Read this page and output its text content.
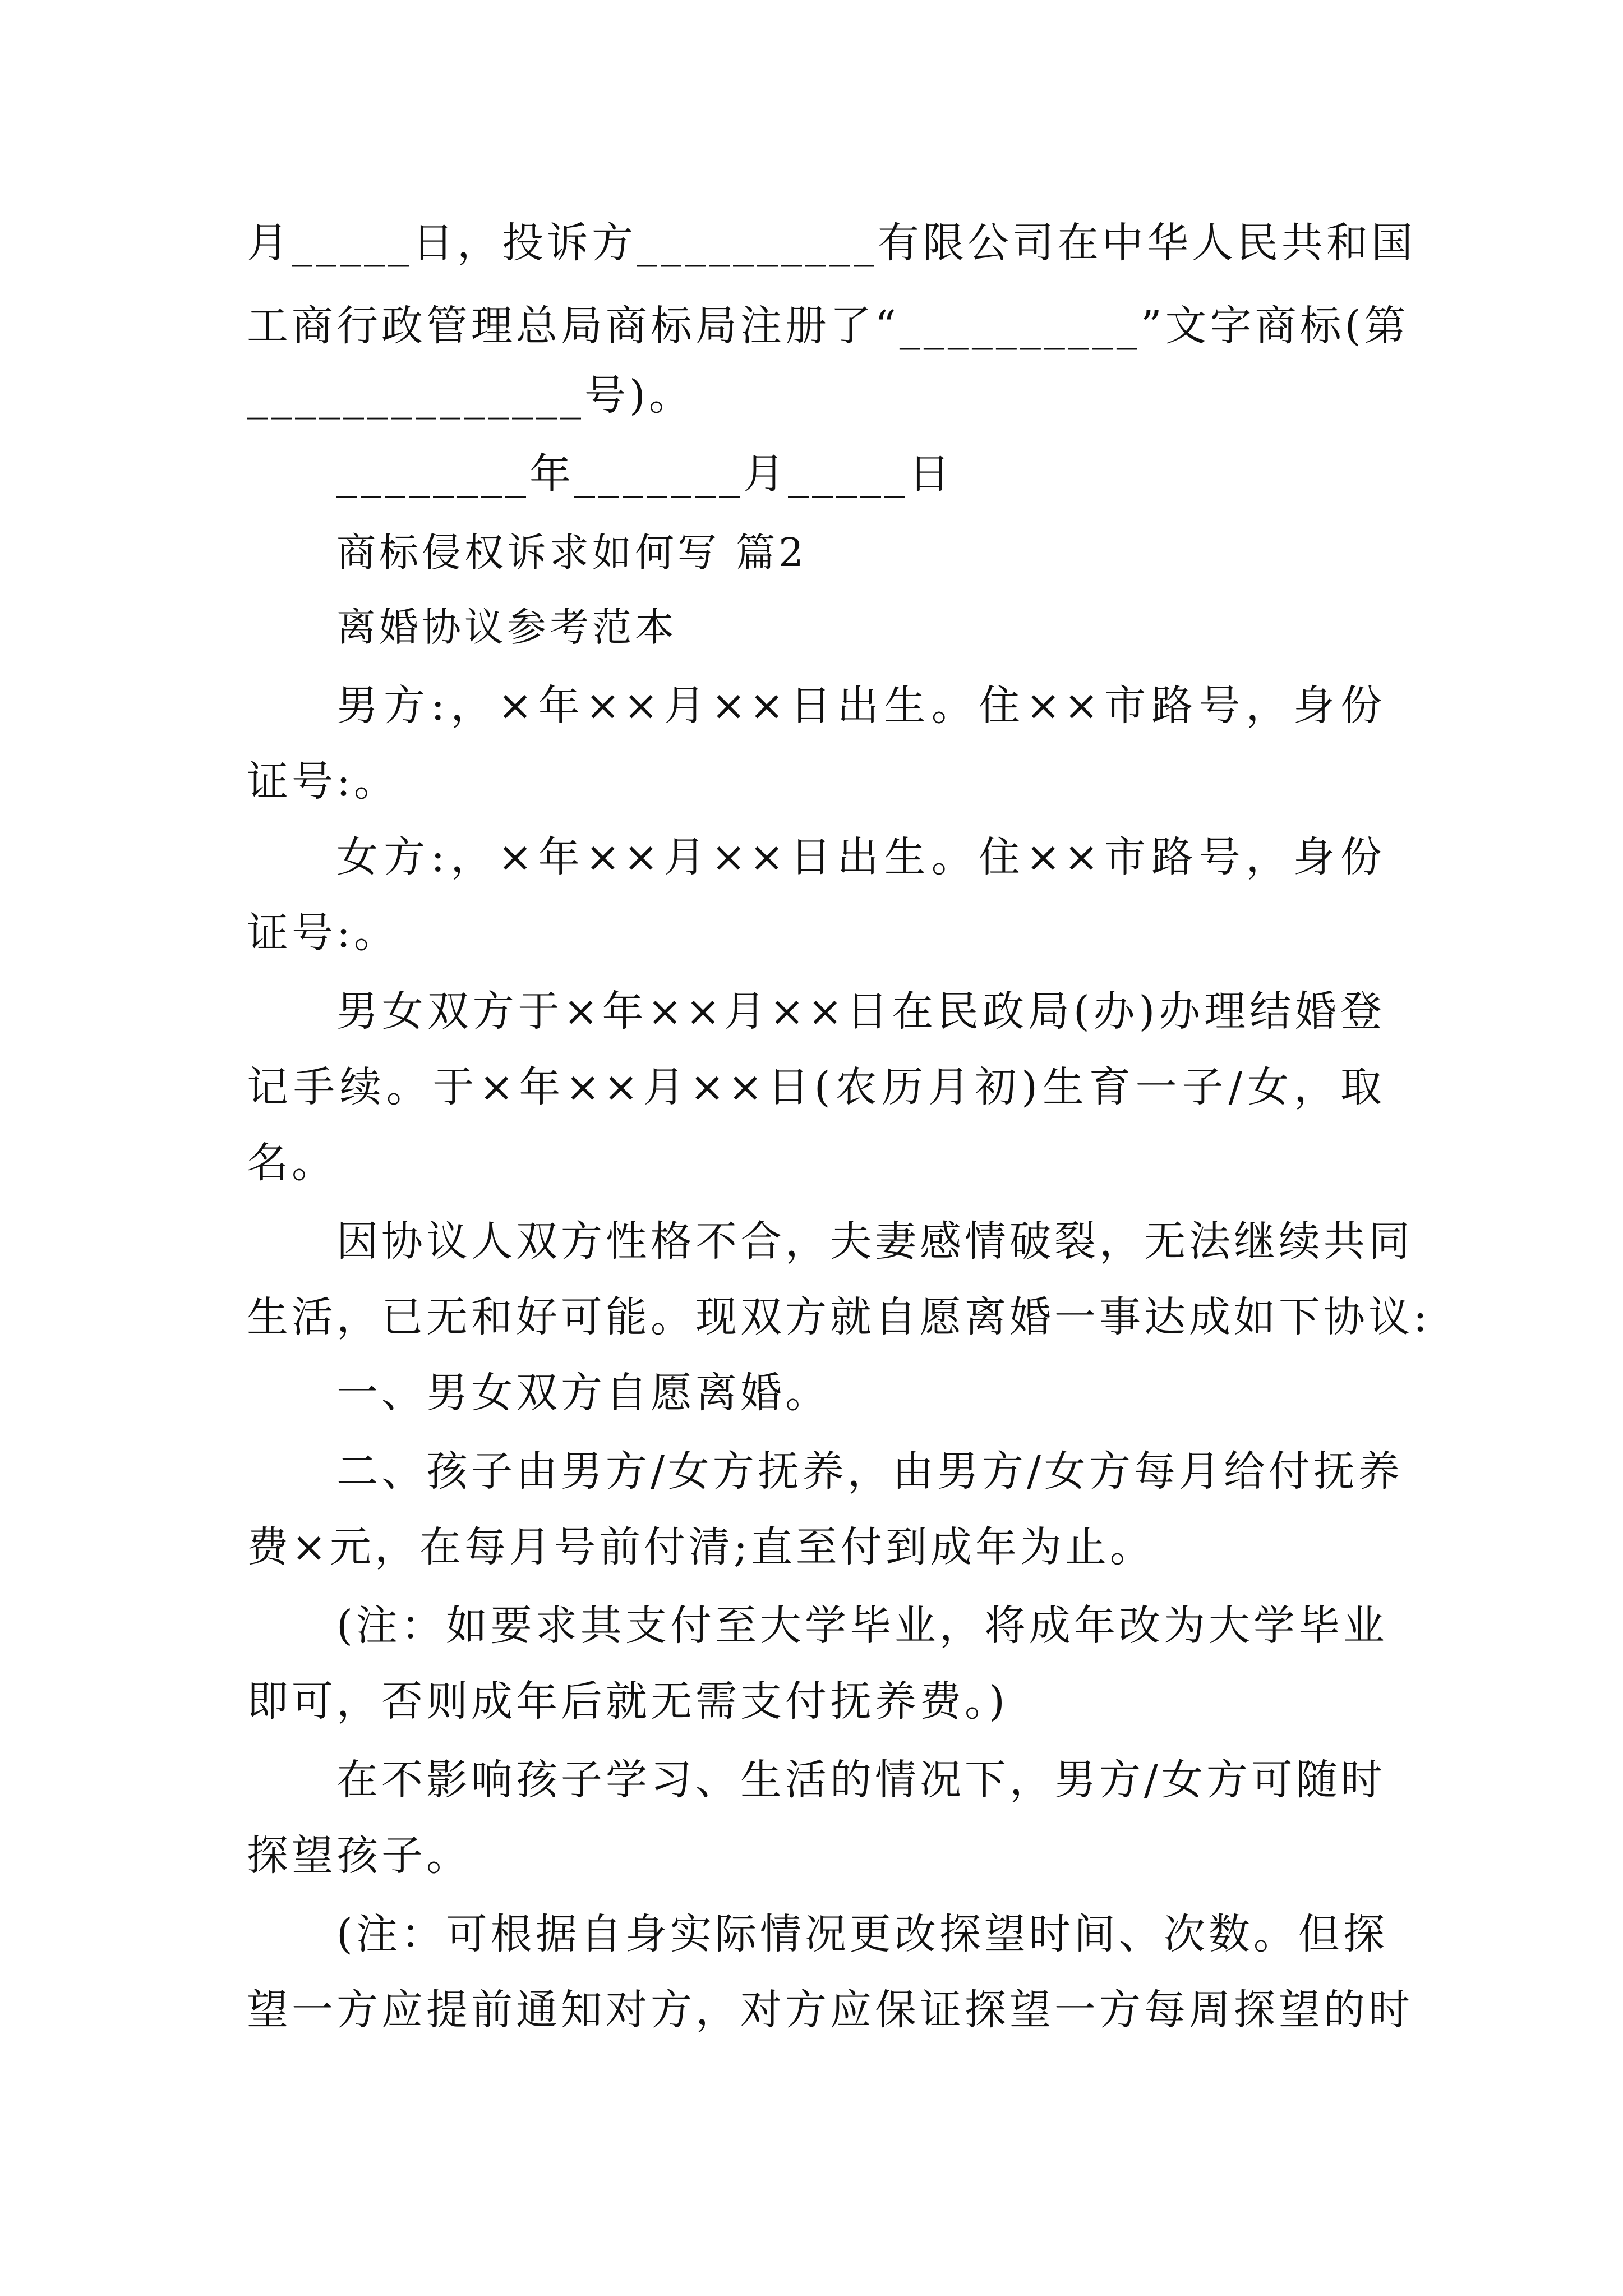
月_____日，投诉方__________有限公司在中华人民共和国
工商行政管理总局商标局注册了“__________”文字商标(第
______________号)。
________年_______月_____日
商标侵权诉求如何写 篇2
离婚协议参考范本
男方:，×年××月××日出生。住××市路号，身份
证号:。
女方:，×年××月××日出生。住××市路号，身份
证号:。
男女双方于×年××月××日在民政局(办)办理结婚登
记手续。于×年××月××日(农历月初)生育一子/女，取
名。
因协议人双方性格不合，夫妻感情破裂，无法继续共同
生活，已无和好可能。现双方就自愿离婚一事达成如下协议:
一、男女双方自愿离婚。
二、孩子由男方/女方抚养，由男方/女方每月给付抚养
费×元，在每月号前付清;直至付到成年为止。
(注：如要求其支付至大学毕业，将成年改为大学毕业
即可，否则成年后就无需支付抚养费。)
在不影响孩子学习、生活的情况下，男方/女方可随时
探望孩子。
(注：可根据自身实际情况更改探望时间、次数。但探
望一方应提前通知对方，对方应保证探望一方每周探望的时
